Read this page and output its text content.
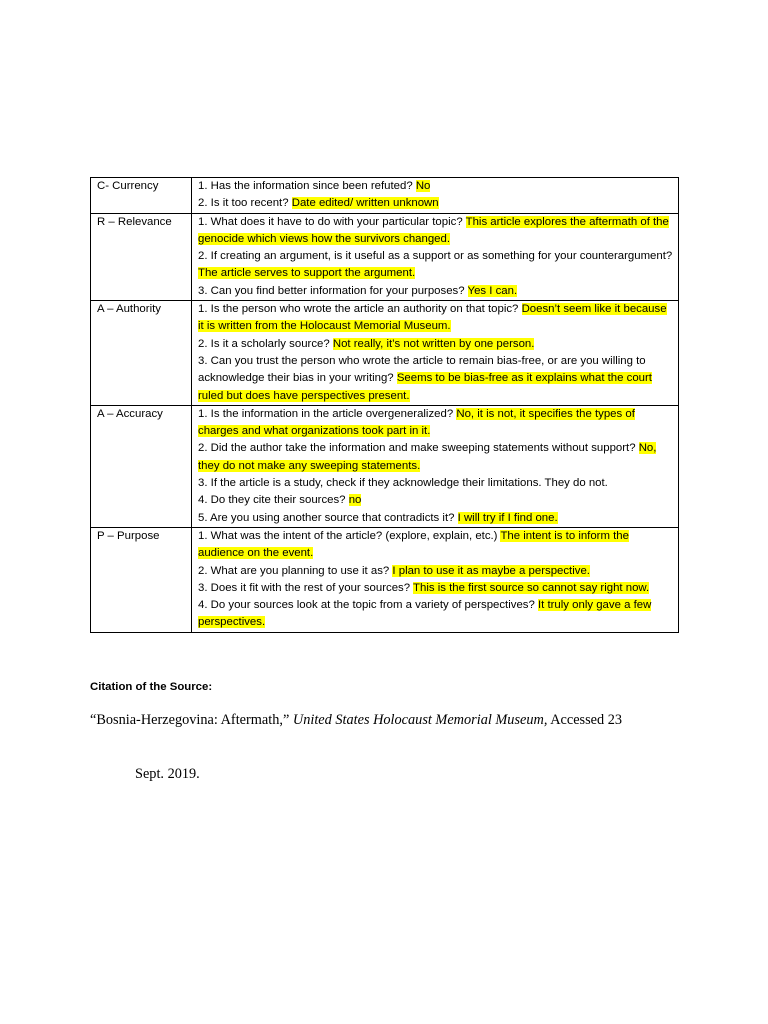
C- Currency	1. Has the information since been refuted? No
2. Is it too recent? Date edited/ written unknown

R – Relevance	1. What does it have to do with your particular topic? This article explores the aftermath of the genocide which views how the survivors changed.
2. If creating an argument, is it useful as a support or as something for your counterargument? The article serves to support the argument.
3. Can you find better information for your purposes? Yes I can.

A – Authority	1. Is the person who wrote the article an authority on that topic? Doesn’t seem like it because it is written from the Holocaust Memorial Museum.
2. Is it a scholarly source? Not really, it’s not written by one person.
3. Can you trust the person who wrote the article to remain bias-free, or are you willing to acknowledge their bias in your writing? Seems to be bias-free as it explains what the court ruled but does have perspectives present.

A – Accuracy	1. Is the information in the article overgeneralized? No, it is not, it specifies the types of charges and what organizations took part in it.
2. Did the author take the information and make sweeping statements without support? No, they do not make any sweeping statements.
3. If the article is a study, check if they acknowledge their limitations. They do not.
4. Do they cite their sources? no
5. Are you using another source that contradicts it? I will try if I find one.

P – Purpose	1. What was the intent of the article? (explore, explain, etc.) The intent is to inform the audience on the event.
2. What are you planning to use it as? I plan to use it as maybe a perspective.
3. Does it fit with the rest of your sources? This is the first source so cannot say right now.
4. Do your sources look at the topic from a variety of perspectives? It truly only gave a few perspectives.
Citation of the Source:
“Bosnia-Herzegovina: Aftermath,” United States Holocaust Memorial Museum, Accessed 23
Sept. 2019.
